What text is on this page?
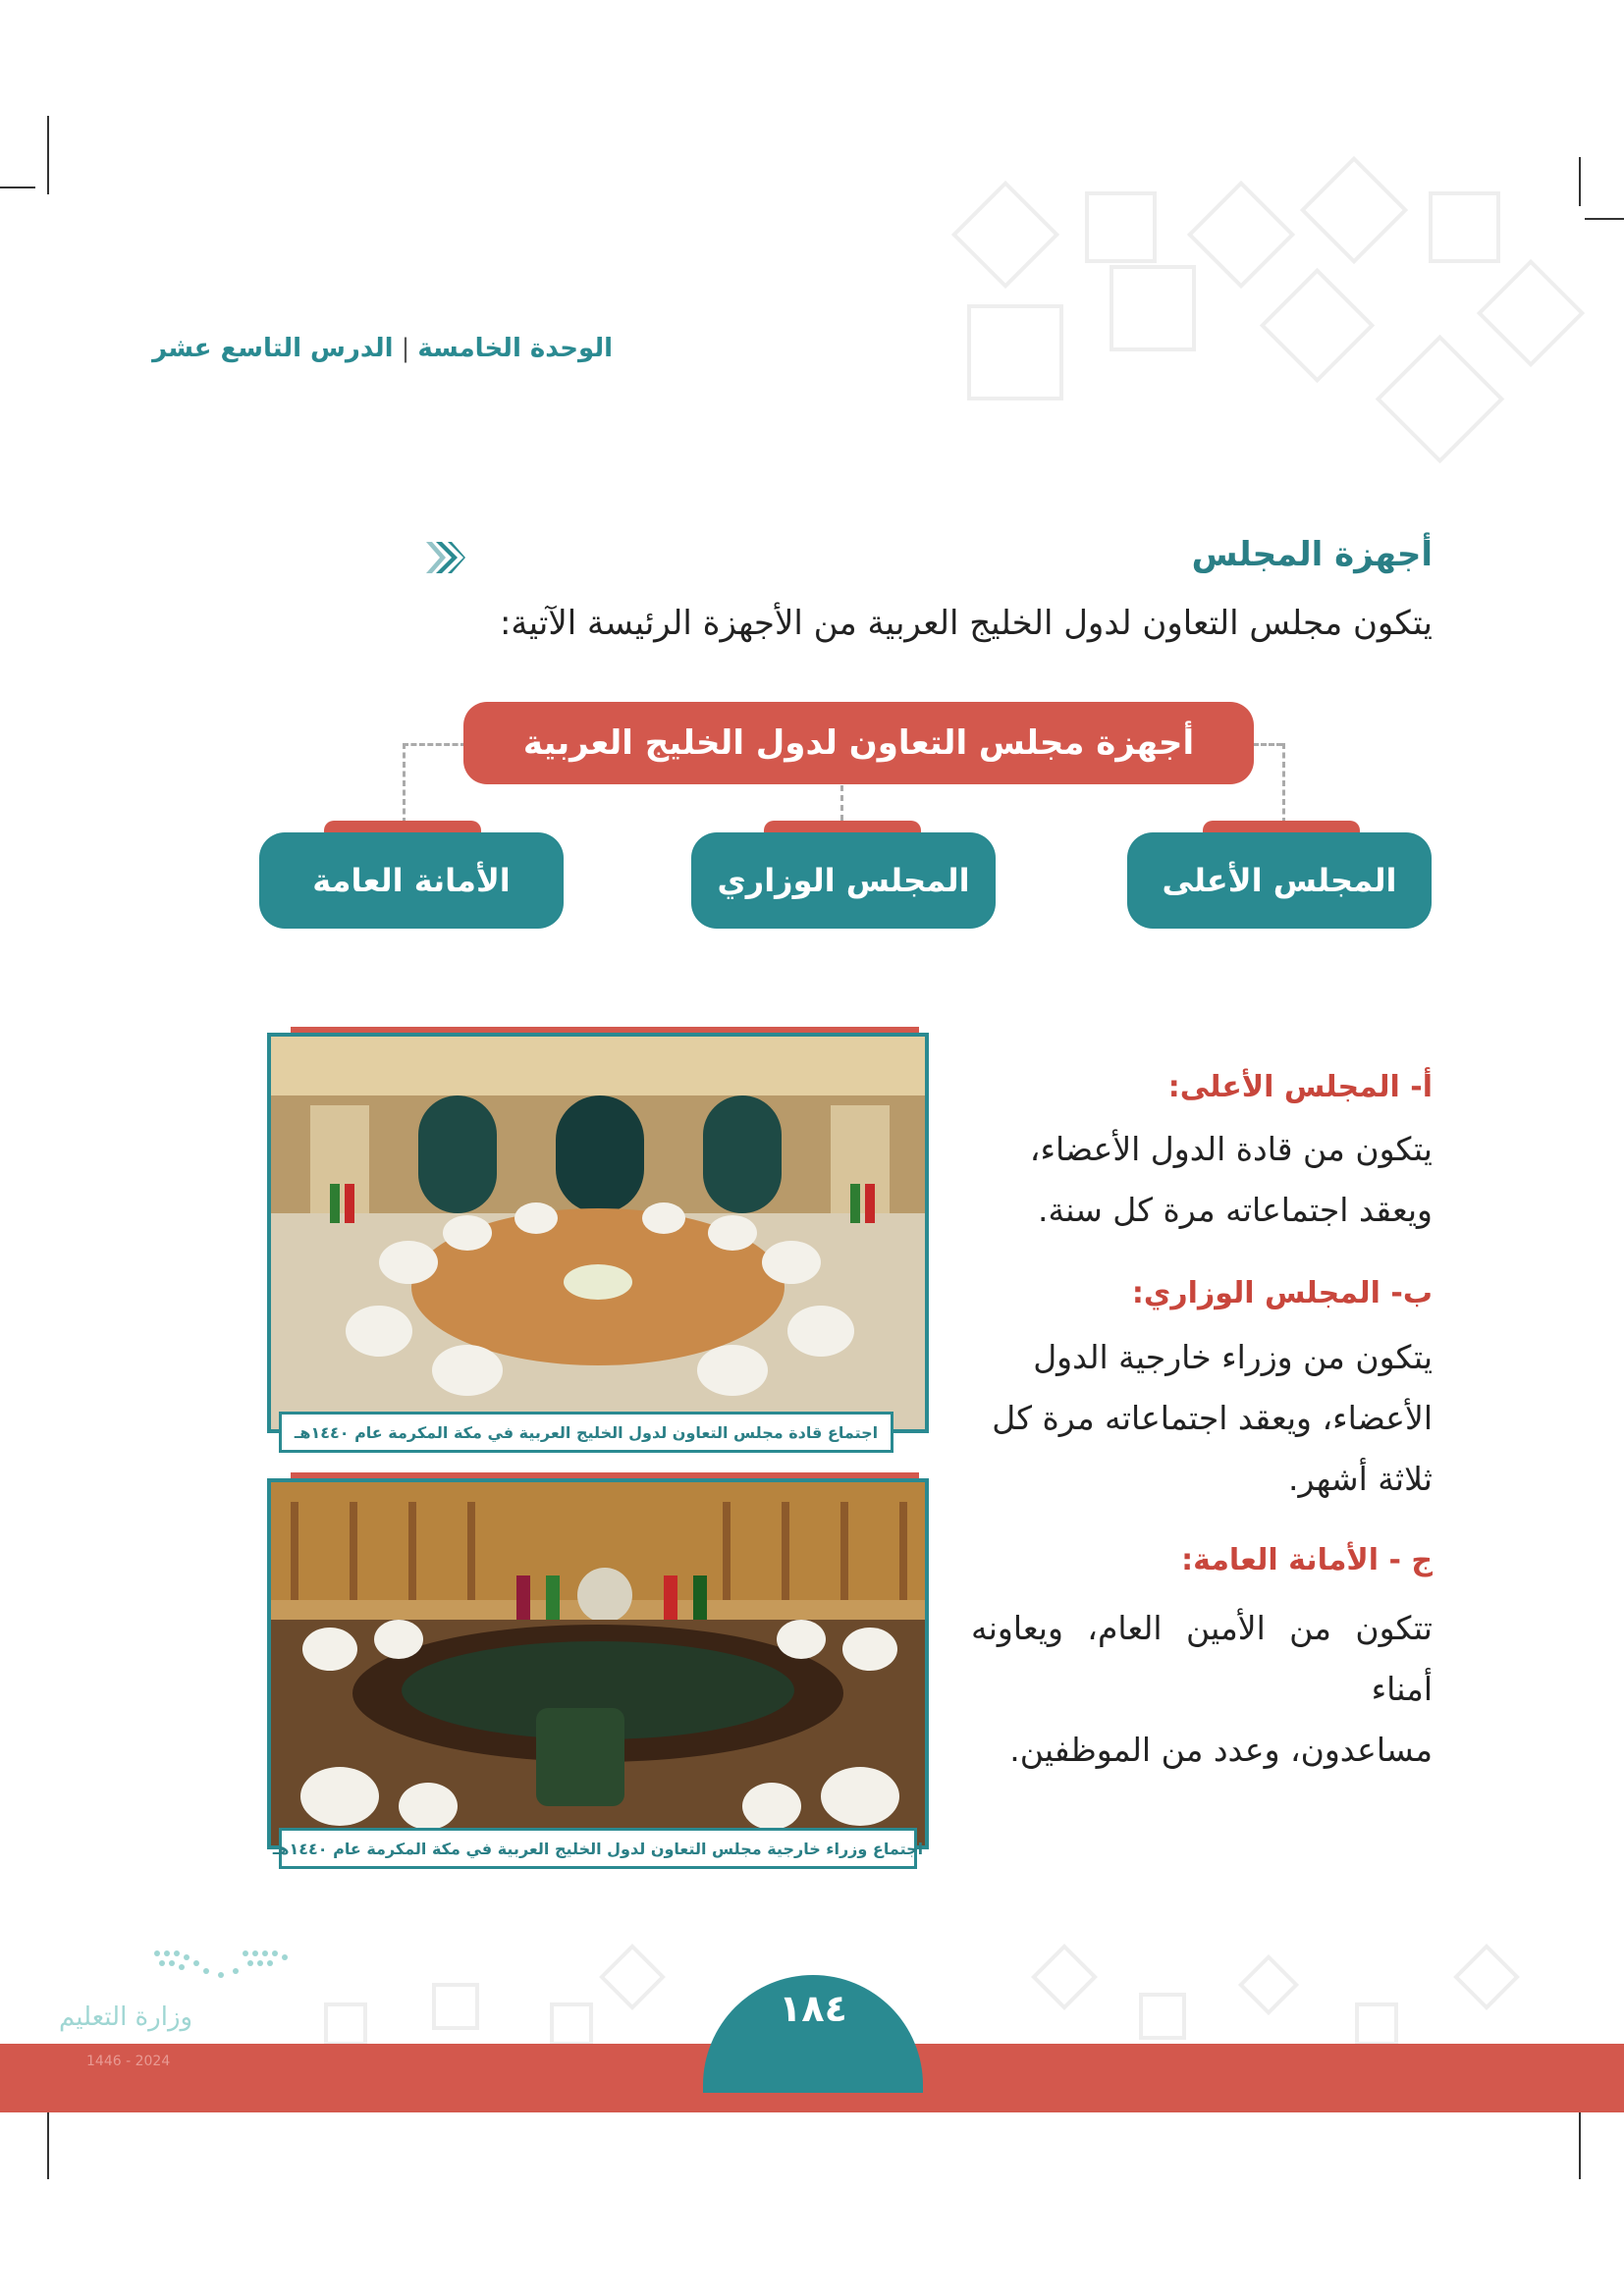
الوحدة الخامسة|الدرس التاسع عشر
أجهزة المجلس
يتكون مجلس التعاون لدول الخليج العربية من الأجهزة الرئيسة الآتية:
أجهزة مجلس التعاون لدول الخليج العربية
المجلس الأعلى
المجلس الوزاري
الأمانة العامة
اجتماع قادة مجلس التعاون لدول الخليج العربية في مكة المكرمة عام ١٤٤٠هـ
اجتماع وزراء خارجية مجلس التعاون لدول الخليج العربية في مكة المكرمة عام ١٤٤٠هـ
أ- المجلس الأعلى:
يتكون من قادة الدول الأعضاء،
ويعقد اجتماعاته مرة كل سنة.
ب- المجلس الوزاري:
يتكون من وزراء خارجية الدول
الأعضاء، ويعقد اجتماعاته مرة كل
ثلاثة أشهر.
ج - الأمانة العامة:
تتكون من الأمين العام، ويعاونه أمناء
مساعدون، وعدد من الموظفين.
وزارة التعليم
2024 - 1446
١٨٤
